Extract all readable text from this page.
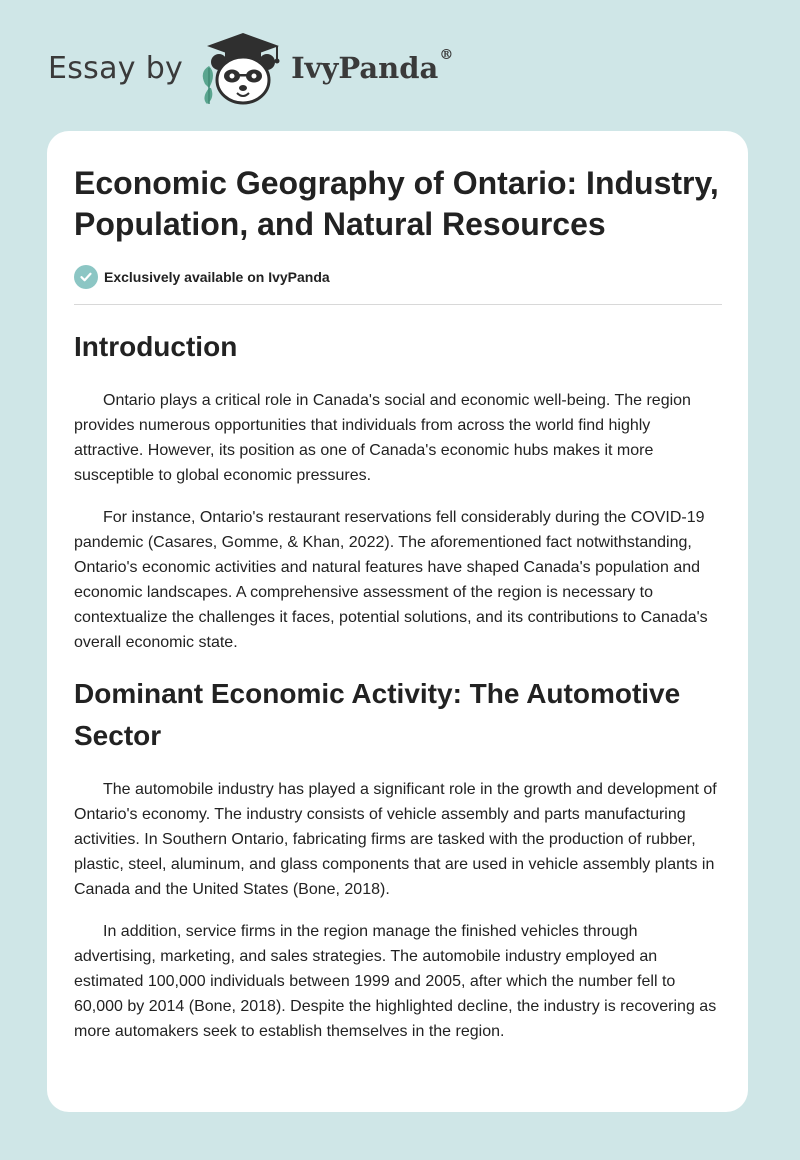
Essay by	IvyPanda®
Economic Geography of Ontario: Industry, Population, and Natural Resources
Exclusively available on IvyPanda
Introduction

Ontario plays a critical role in Canada's social and economic well-being. The region provides numerous opportunities that individuals from across the world find highly attractive. However, its position as one of Canada's economic hubs makes it more susceptible to global economic pressures.

For instance, Ontario's restaurant reservations fell considerably during the COVID-19 pandemic (Casares, Gomme, & Khan, 2022). The aforementioned fact notwithstanding, Ontario's economic activities and natural features have shaped Canada's population and economic landscapes. A comprehensive assessment of the region is necessary to contextualize the challenges it faces, potential solutions, and its contributions to Canada's overall economic state.

Dominant Economic Activity: The Automotive Sector

The automobile industry has played a significant role in the growth and development of Ontario's economy. The industry consists of vehicle assembly and parts manufacturing activities. In Southern Ontario, fabricating firms are tasked with the production of rubber, plastic, steel, aluminum, and glass components that are used in vehicle assembly plants in Canada and the United States (Bone, 2018).

In addition, service firms in the region manage the finished vehicles through advertising, marketing, and sales strategies. The automobile industry employed an estimated 100,000 individuals between 1999 and 2005, after which the number fell to 60,000 by 2014 (Bone, 2018). Despite the highlighted decline, the industry is recovering as more automakers seek to establish themselves in the region.
